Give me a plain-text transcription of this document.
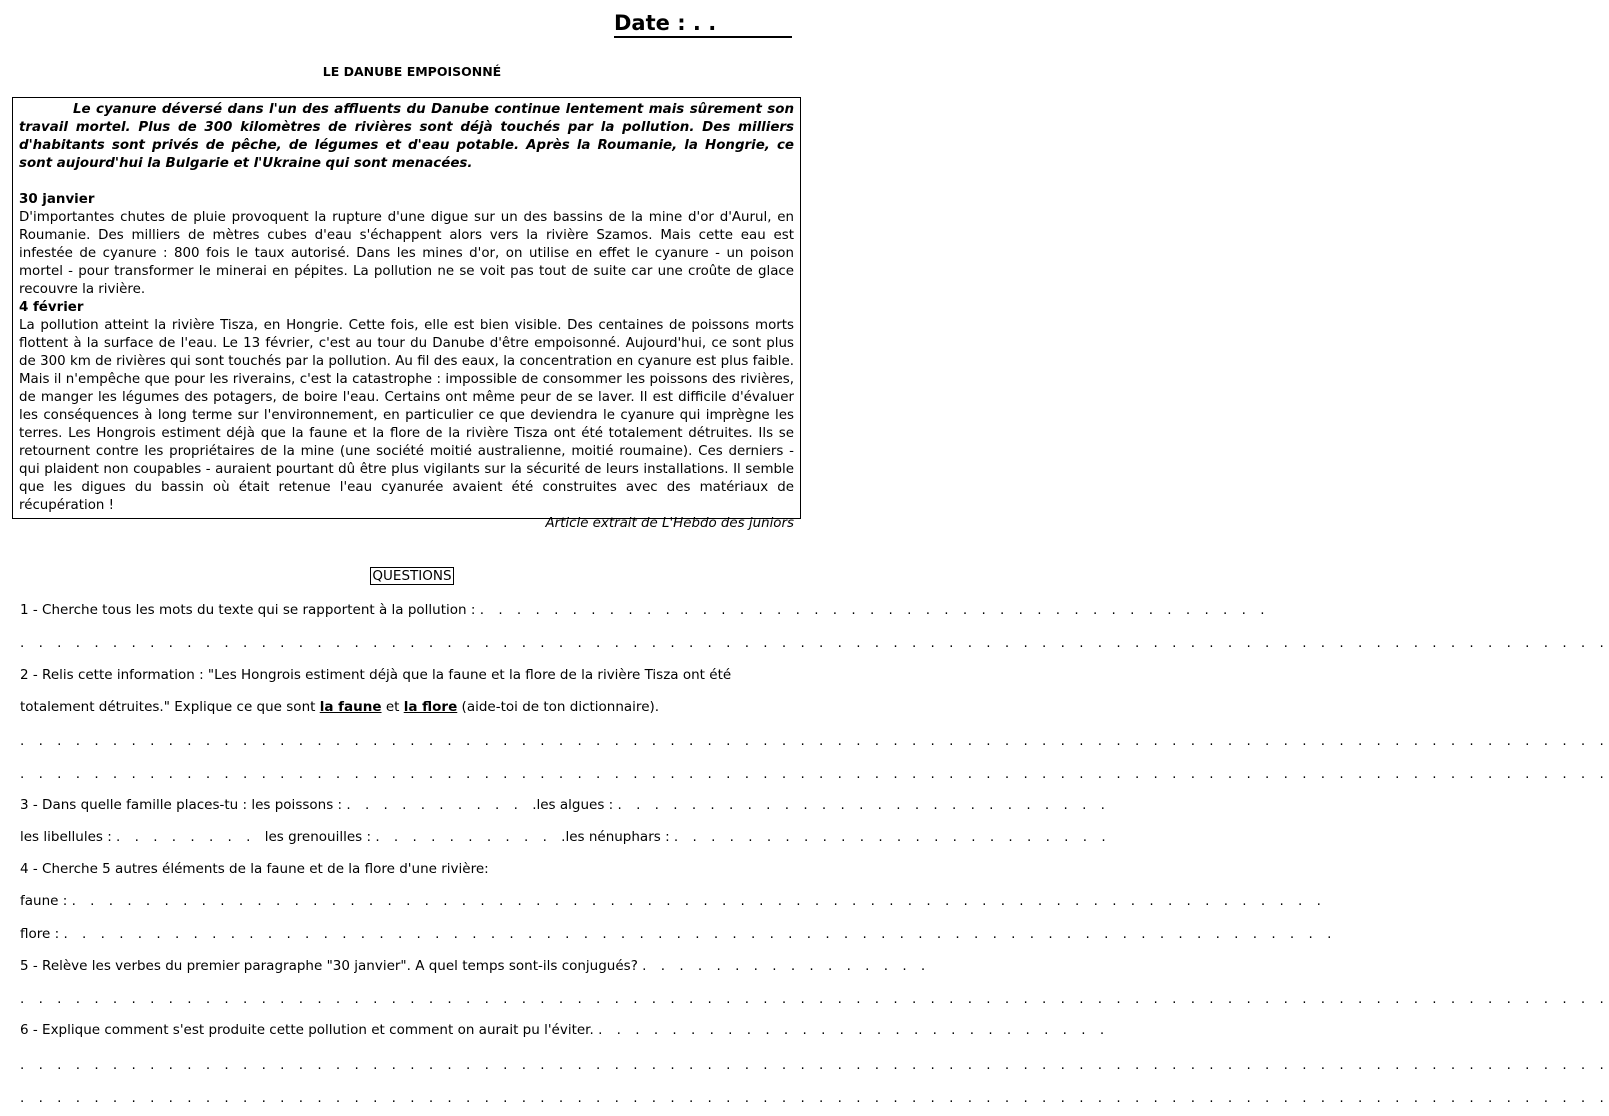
Date : . .
LE DANUBE EMPOISONNÉ

Le cyanure déversé dans l'un des affluents du Danube continue lentement mais sûrement son travail mortel. Plus de 300 kilomètres de rivières sont déjà touchés par la pollution. Des milliers d'habitants sont privés de pêche, de légumes et d'eau potable. Après la Roumanie, la Hongrie, ce sont aujourd'hui la Bulgarie et l'Ukraine qui sont menacées.

30 janvier

D'importantes chutes de pluie provoquent la rupture d'une digue sur un des bassins de la mine d'or d'Aurul, en Roumanie. Des milliers de mètres cubes d'eau s'échappent alors vers la rivière Szamos. Mais cette eau est infestée de cyanure : 800 fois le taux autorisé. Dans les mines d'or, on utilise en effet le cyanure - un poison mortel - pour transformer le minerai en pépites. La pollution ne se voit pas tout de suite car une croûte de glace recouvre la rivière.

4 février

La pollution atteint la rivière Tisza, en Hongrie. Cette fois, elle est bien visible. Des centaines de poissons morts flottent à la surface de l'eau. Le 13 février, c'est au tour du Danube d'être empoisonné. Aujourd'hui, ce sont plus de 300 km de rivières qui sont touchés par la pollution. Au fil des eaux, la concentration en cyanure est plus faible. Mais il n'empêche que pour les riverains, c'est la catastrophe : impossible de consommer les poissons des rivières, de manger les légumes des potagers, de boire l'eau. Certains ont même peur de se laver. Il est difficile d'évaluer les conséquences à long terme sur l'environnement, en particulier ce que deviendra le cyanure qui imprègne les terres. Les Hongrois estiment déjà que la faune et la flore de la rivière Tisza ont été totalement détruites. Ils se retournent contre les propriétaires de la mine (une société moitié australienne, moitié roumaine). Ces derniers - qui plaident non coupables - auraient pourtant dû être plus vigilants sur la sécurité de leurs installations. Il semble que les digues du bassin où était retenue l'eau cyanurée avaient été construites avec des matériaux de récupération !

Article extrait de L'Hebdo des juniors

QUESTIONS
1 - Cherche tous les mots du texte qui se rapportent à la pollution : . . . . . . . . . . . . . . . . . . . . . . . . . . . . . . . . . . . . . . . . . . .
. . . . . . . . . . . . . . . . . . . . . . . . . . . . . . . . . . . . . . . . . . . . . . . . . . . . . . . . . . . . . . . . . . . . . . . . . . . . . . . . . . . . . .
2 - Relis cette information : "Les Hongrois estiment déjà que la faune et la flore de la rivière Tisza ont été
totalement détruites." Explique ce que sont la faune et la flore (aide-toi de ton dictionnaire).
. . . . . . . . . . . . . . . . . . . . . . . . . . . . . . . . . . . . . . . . . . . . . . . . . . . . . . . . . . . . . . . . . . . . . . . . . . . . . . . . . . . . . .
. . . . . . . . . . . . . . . . . . . . . . . . . . . . . . . . . . . . . . . . . . . . . . . . . . . . . . . . . . . . . . . . . . . . . . . . . . . . . . . . . . . . . .
3 - Dans quelle famille places-tu : les poissons : . . . . . . . . . . .les algues : . . . . . . . . . . . . . . . . . . . . . . . . . . .
les libellules : . . . . . . . . les grenouilles : . . . . . . . . . . .les nénuphars : . . . . . . . . . . . . . . . . . . . . . . . .
4 - Cherche 5 autres éléments de la faune et de la flore d'une rivière:
faune : . . . . . . . . . . . . . . . . . . . . . . . . . . . . . . . . . . . . . . . . . . . . . . . . . . . . . . . . . . . . . . . . . . . .
flore : . . . . . . . . . . . . . . . . . . . . . . . . . . . . . . . . . . . . . . . . . . . . . . . . . . . . . . . . . . . . . . . . . . . . .
5 - Relève les verbes du premier paragraphe "30 janvier". A quel temps sont-ils conjugués? . . . . . . . . . . . . . . . .
. . . . . . . . . . . . . . . . . . . . . . . . . . . . . . . . . . . . . . . . . . . . . . . . . . . . . . . . . . . . . . . . . . . . . . . . . . . . . . . . . . . . . .
6 - Explique comment s'est produite cette pollution et comment on aurait pu l'éviter. . . . . . . . . . . . . . . . . . . . . . . . . . . . .
. . . . . . . . . . . . . . . . . . . . . . . . . . . . . . . . . . . . . . . . . . . . . . . . . . . . . . . . . . . . . . . . . . . . . . . . . . . . . . . . . . . . . .
. . . . . . . . . . . . . . . . . . . . . . . . . . . . . . . . . . . . . . . . . . . . . . . . . . . . . . . . . . . . . . . . . . . . . . . . . . . . . . . . . . . . . .
